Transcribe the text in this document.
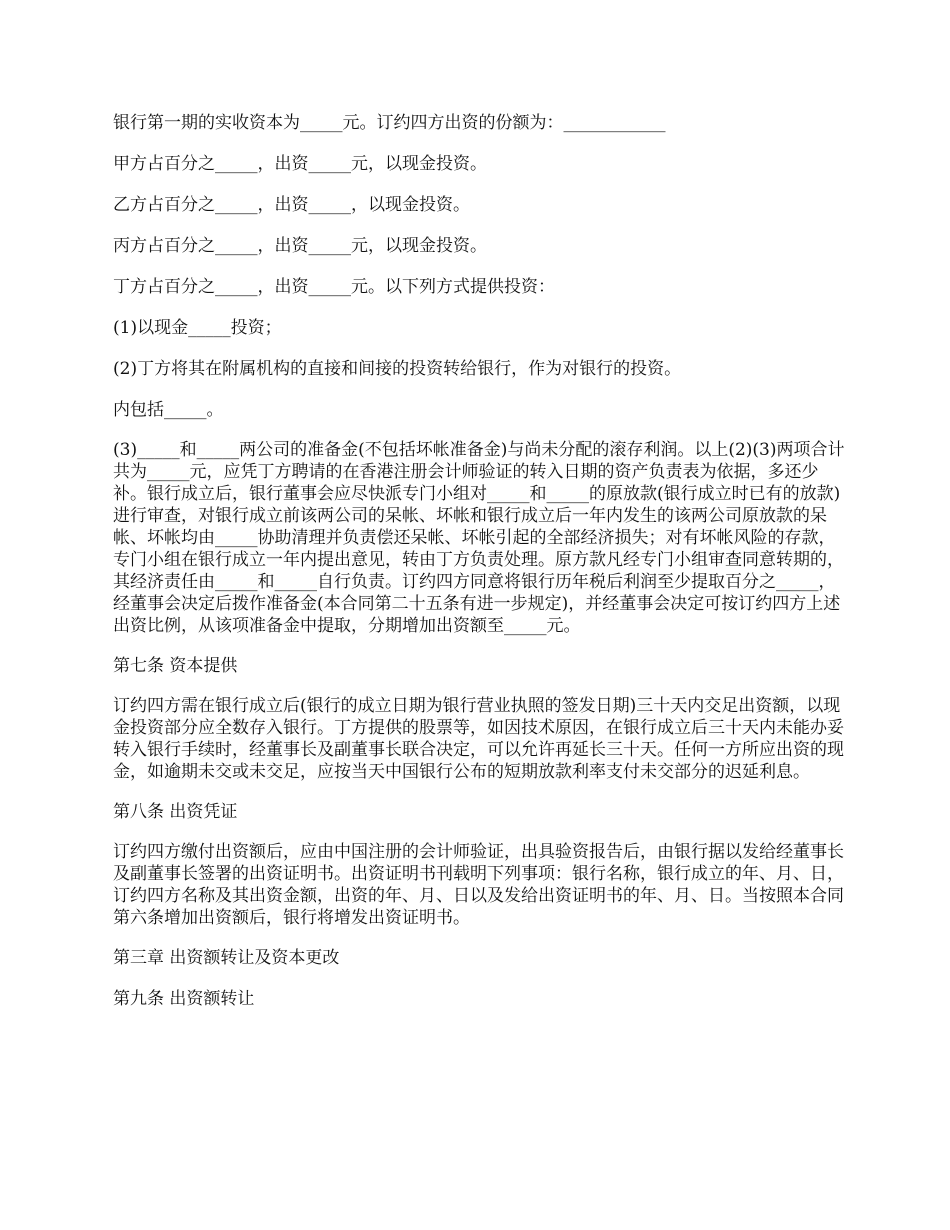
银行第一期的实收资本为_____元。订约四方出资的份额为：____________

甲方占百分之_____，出资_____元，以现金投资。

乙方占百分之_____，出资_____，以现金投资。

丙方占百分之_____，出资_____元，以现金投资。

丁方占百分之_____，出资_____元。以下列方式提供投资：

(1)以现金_____投资；

(2)丁方将其在附属机构的直接和间接的投资转给银行，作为对银行的投资。

内包括_____。

(3)_____和_____两公司的准备金(不包括坏帐准备金)与尚未分配的滚存利润。以上(2)(3)两项合计共为_____元，应凭丁方聘请的在香港注册会计师验证的转入日期的资产负责表为依据，多还少补。银行成立后，银行董事会应尽快派专门小组对_____和_____的原放款(银行成立时已有的放款)进行审查，对银行成立前该两公司的呆帐、坏帐和银行成立后一年内发生的该两公司原放款的呆帐、坏帐均由_____协助清理并负责偿还呆帐、坏帐引起的全部经济损失；对有坏帐风险的存款，专门小组在银行成立一年内提出意见，转由丁方负责处理。原方款凡经专门小组审查同意转期的，其经济责任由_____和_____自行负责。订约四方同意将银行历年税后利润至少提取百分之_____，经董事会决定后拨作准备金(本合同第二十五条有进一步规定)，并经董事会决定可按订约四方上述出资比例，从该项准备金中提取，分期增加出资额至_____元。

第七条 资本提供

订约四方需在银行成立后(银行的成立日期为银行营业执照的签发日期)三十天内交足出资额，以现金投资部分应全数存入银行。丁方提供的股票等，如因技术原因，在银行成立后三十天内未能办妥转入银行手续时，经董事长及副董事长联合决定，可以允许再延长三十天。任何一方所应出资的现金，如逾期未交或未交足，应按当天中国银行公布的短期放款利率支付未交部分的迟延利息。

第八条 出资凭证

订约四方缴付出资额后，应由中国注册的会计师验证，出具验资报告后，由银行据以发给经董事长及副董事长签署的出资证明书。出资证明书刊载明下列事项：银行名称，银行成立的年、月、日，订约四方名称及其出资金额，出资的年、月、日以及发给出资证明书的年、月、日。当按照本合同第六条增加出资额后，银行将增发出资证明书。

第三章 出资额转让及资本更改

第九条 出资额转让
